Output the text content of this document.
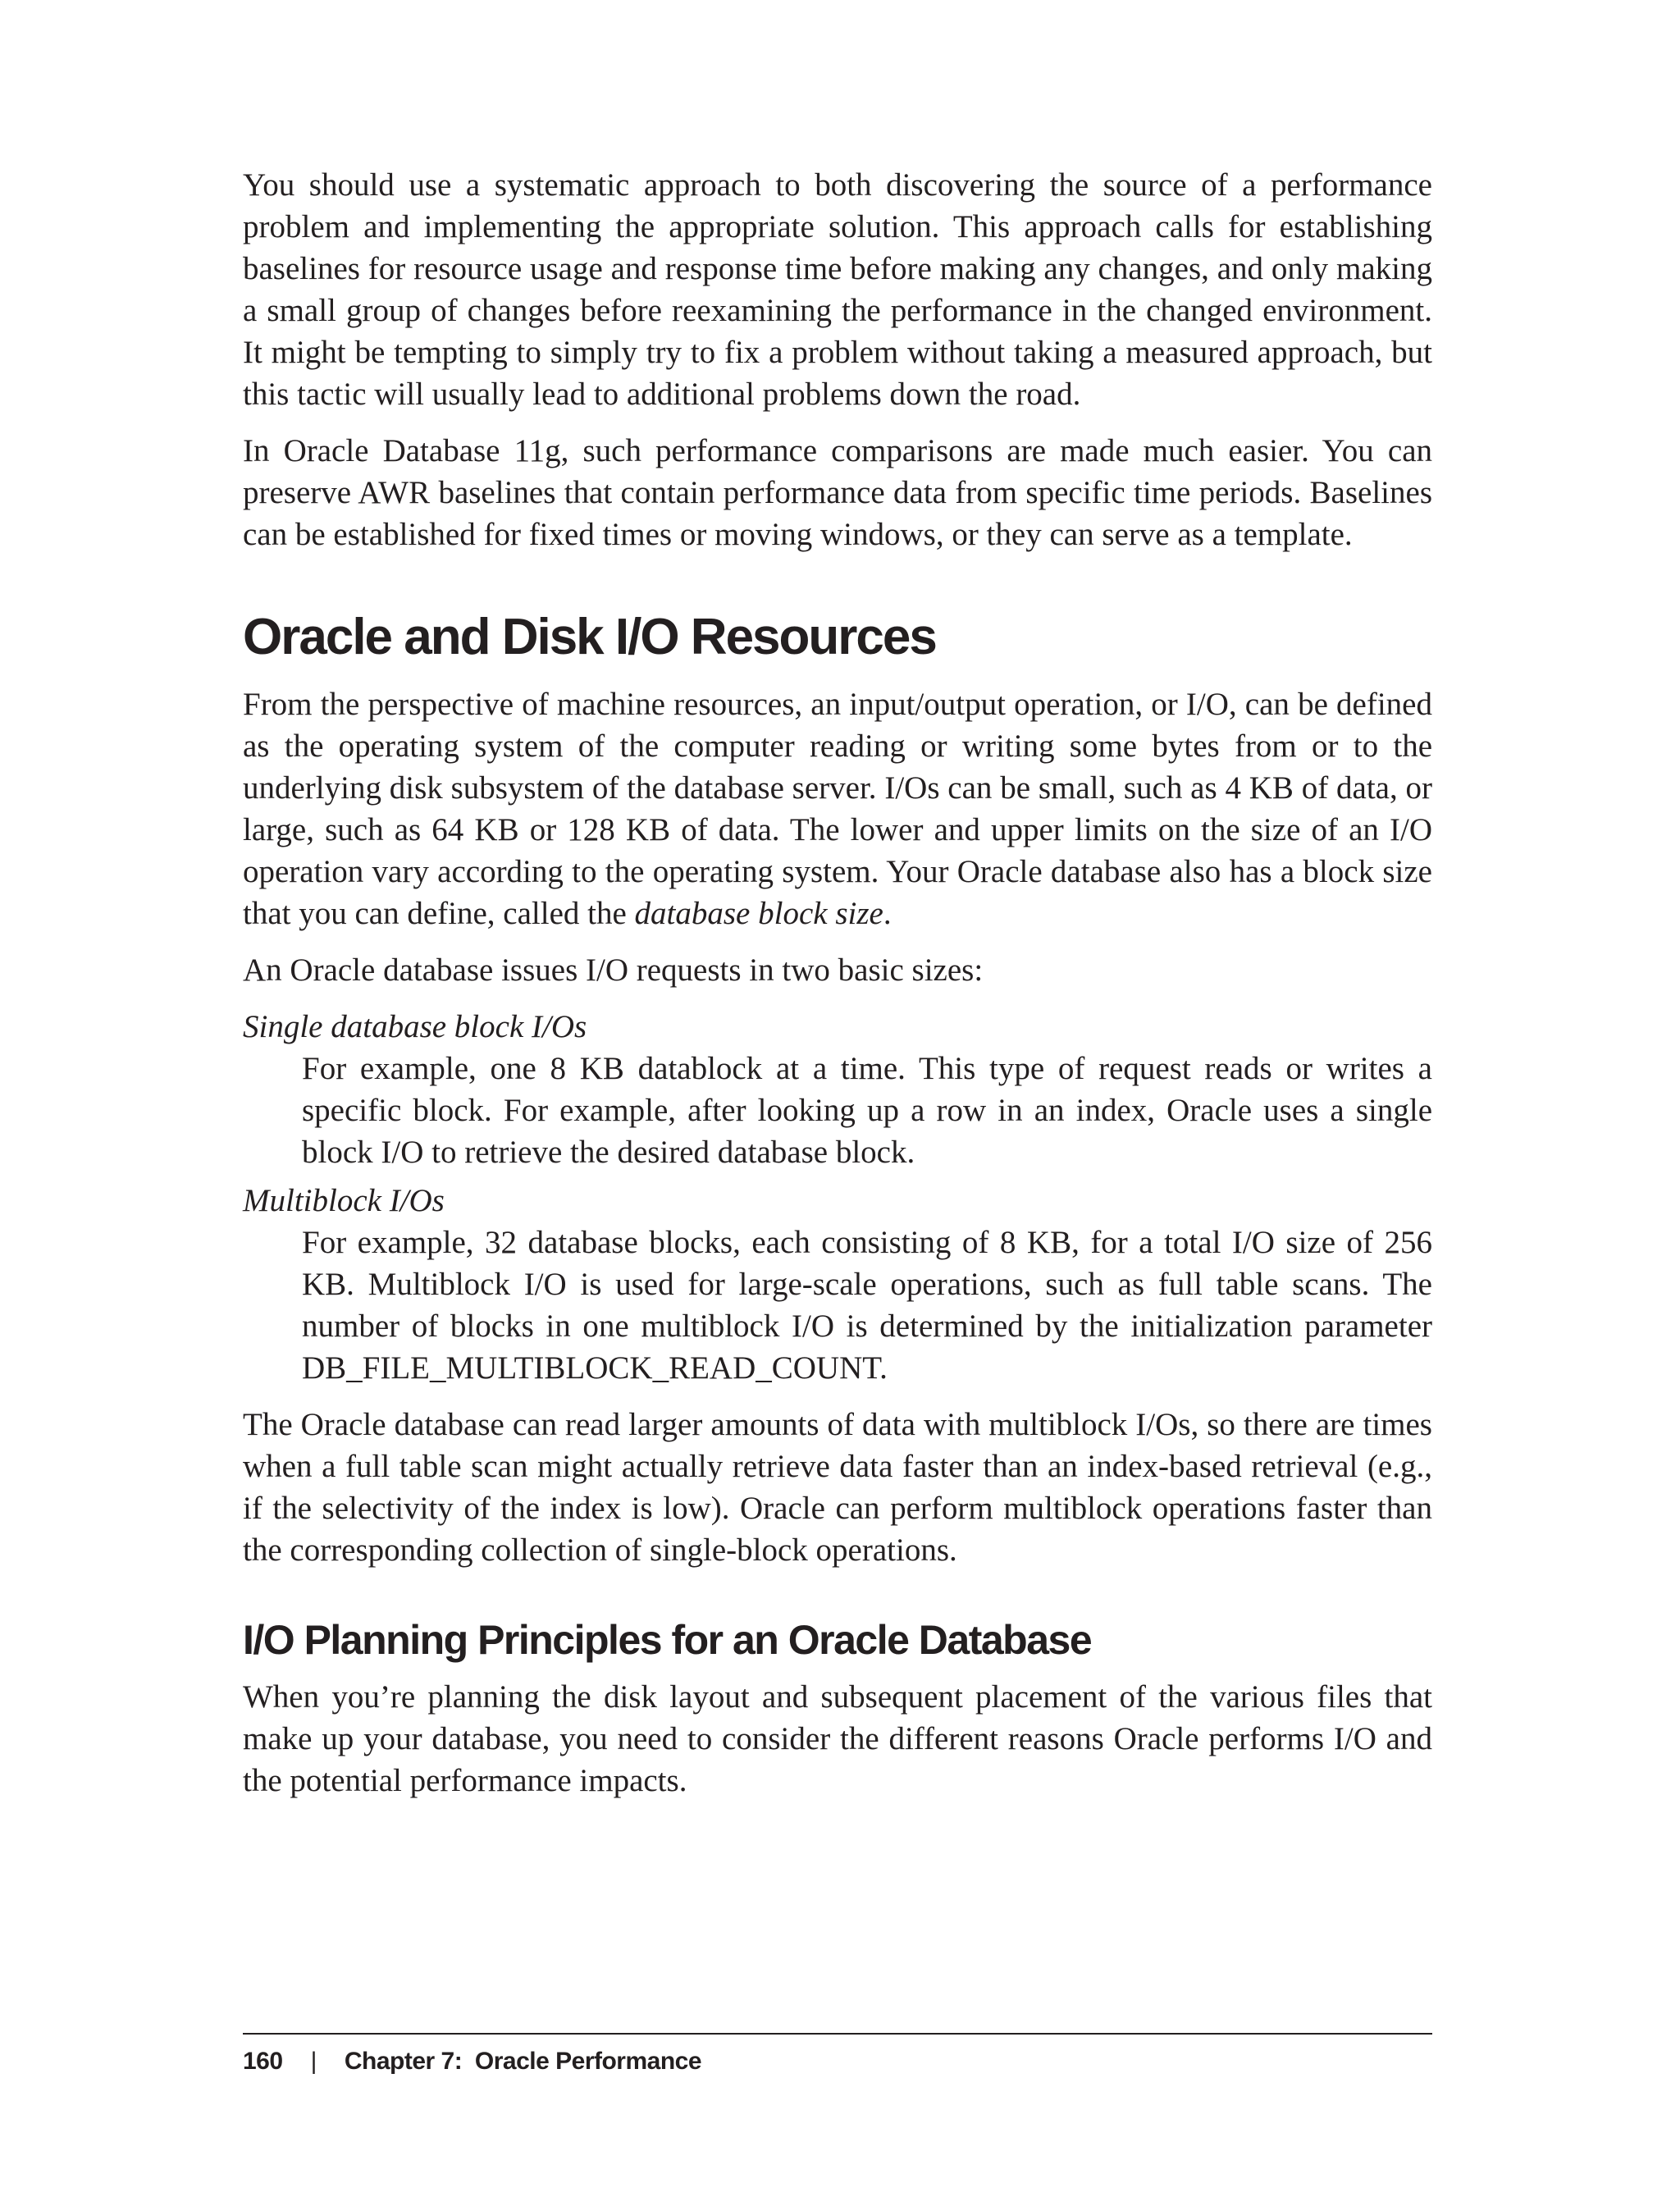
You should use a systematic approach to both discovering the source of a performance problem and implementing the appropriate solution. This approach calls for establishing baselines for resource usage and response time before making any changes, and only making a small group of changes before reexamining the performance in the changed environment. It might be tempting to simply try to fix a problem without taking a measured approach, but this tactic will usually lead to additional problems down the road.

In Oracle Database 11g, such performance comparisons are made much easier. You can preserve AWR baselines that contain performance data from specific time periods. Baselines can be established for fixed times or moving windows, or they can serve as a template.

Oracle and Disk I/O Resources

From the perspective of machine resources, an input/output operation, or I/O, can be defined as the operating system of the computer reading or writing some bytes from or to the underlying disk subsystem of the database server. I/Os can be small, such as 4 KB of data, or large, such as 64 KB or 128 KB of data. The lower and upper limits on the size of an I/O operation vary according to the operating system. Your Oracle database also has a block size that you can define, called the database block size.

An Oracle database issues I/O requests in two basic sizes:

Single database block I/Os
For example, one 8 KB datablock at a time. This type of request reads or writes a specific block. For example, after looking up a row in an index, Oracle uses a single block I/O to retrieve the desired database block.
Multiblock I/Os
For example, 32 database blocks, each consisting of 8 KB, for a total I/O size of 256 KB. Multiblock I/O is used for large-scale operations, such as full table scans. The number of blocks in one multiblock I/O is determined by the initialization parameter DB_FILE_MULTIBLOCK_READ_COUNT.

The Oracle database can read larger amounts of data with multiblock I/Os, so there are times when a full table scan might actually retrieve data faster than an index-based retrieval (e.g., if the selectivity of the index is low). Oracle can perform multiblock operations faster than the corresponding collection of single-block operations.

I/O Planning Principles for an Oracle Database

When you’re planning the disk layout and subsequent placement of the various files that make up your database, you need to consider the different reasons Oracle performs I/O and the potential performance impacts.

160 | Chapter 7:  Oracle Performance
